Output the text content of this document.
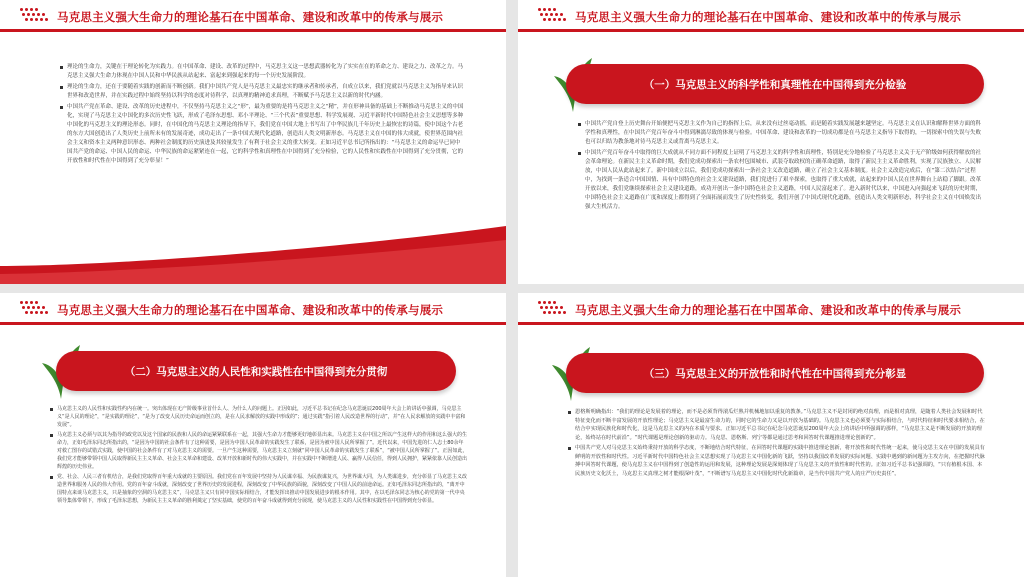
马克思主义强大生命力的理论基石在中国革命、建设和改革中的传承与展示

理论的生命力，关键在于理论转化为实践力。在中国革命、建设、改革的过程中，马克思主义这一思想武器转化为了实实在在的革命之力、建设之力、改革之力。马克思主义强大生命力体现在中国人民和中华民族从站起来、富起来到强起来的每一个历史发展阶段。

理论的生命力，还在于要随着实践的创新而不断创新。我们中国共产党人是马克思主义最忠实的继承者和传承者，自成立以来，我们党就以马克思主义为指导来认识世界和改造世界，并在实践过程中始终坚持以科学的态度对待科学，以真理的精神追求真理，不断赋予马克思主义以新的时代内涵。

中国共产党在革命、建设、改革的历史进程中，不仅坚持马克思主义之“形”，最为重要的是将马克思主义之“精”，并在形神具备的基础上不断推动马克思主义的中国化，实现了马克思主义中国化的多次历史性飞跃，形成了毛泽东思想、邓小平理论、“三个代表”重要思想、科学发展观、习近平新时代中国特色社会主义思想等多种中国化的马克思主义的理论形态。同时，在中国化的马克思主义理论的指导下，我们党在中国大地上书写出了中华民族几千年历史上最恢宏的诗篇，使中国这个古老的东方大国创造出了人类历史上前所未有的发展奇迹，成功走出了一条中国式现代化道路，创造出人类文明新形态。马克思主义在中国的伟大成就，使世界范围内社会主义和资本主义两种意识形态、两种社会制度的历史演进及其较量发生了有利于社会主义的重大转变。正如习近平总书记所指出的：“马克思主义的命运早已同中国共产党的命运、中国人民的命运、中华民族的命运紧紧连在一起，它的科学性和真理性在中国得到了充分检验，它的人民性和实践性在中国得到了充分贯彻，它的开放性和时代性在中国得到了充分彰显！”

马克思主义强大生命力的理论基石在中国革命、建设和改革中的传承与展示
（一）马克思主义的科学性和真理性在中国得到充分检验

中国共产党自登上历史舞台开始便把马克思主义作为自己的指挥上后，从来没有过丝毫动摇，而是随着实践发展越来越坚定。马克思主义在认识和解释世界方面的科学性和真理性，在中国共产党百年奋斗中得到淋漓尽致的体现与检验。中国革命、建设和改革的一切成功都是在马克思主义指导下取得的，一切探索中的失误与失败也可以归结为教条地对待马克思主义或背离马克思主义。

中国共产党百年奋斗中取得的巨大成就从不同方面不同程度上证明了马克思主义的科学性和真理性，特别是充分地检验了马克思主义关于无产阶级如何获得解放的社会革命理论。在新民主主义革命时期，我们党成功探索出一条农村包围城市、武装夺取政权的正确革命道路，取得了新民主主义革命胜利，实现了民族独立、人民解放，中国人民从此站起来了。新中国成立以后，我们党成功探索出一条社会主义改造道路，确立了社会主义基本制度。社会主义改造完成后，在“第二次结合”过程中，为找到一条适合中国国情、具有中国特色的社会主义建设道路，我们党进行了艰辛探索，也取得了重大成就，站起来的中国人民在世界舞台上站稳了脚跟。改革开放以来，我们党继续探索社会主义建设道路，成功开创出一条中国特色社会主义道路，中国人民富起来了。进入新时代以来，中国进入向强起来飞跃的历史时期，中国特色社会主义道路在广度和深度上都得到了全面拓展而发生了历史性转变，我们开创了中国式现代化道路，创造出人类文明新形态，科学社会主义在中国焕发出强大生机活力。

马克思主义强大生命力的理论基石在中国革命、建设和改革中的传承与展示
（二）马克思主义的人民性和实践性在中国得到充分贯彻

马克思主义的人民性和实践性约内在统一。突出体现在无产阶级事业首什么人、为什么人的问题上。正因如此，习近平总书记在纪念马克思诞辰200周年大会上的讲话中强调，马克思主义“是人民的理论”，“是实践的理论”，“是为了改变人民历史命运而创立的，是在人民求解放的实践中形成的”；通过实践“指引着人民改造世界的行动”，并“在人民求解放的实践中丰富和发展”。

马克思主义必须与以其为指导的政党以及这个国家的民族和人民的命运紧紧联系在一起，其强大生命力才能够更好地彰显出来。马克思主义在中国之所以产生这样大的作用和这么强大的生命力，正如毛泽东同志所指出的，“是因为中国的社会条件有了这种需要，是因为中国人民革命的实践发生了联系，是因为被中国人民所掌握了”。近代以来，中国先进的仁人志士80余年对救亡图存的试错式实践，使中国的社会条件有了对马克思主义的需要。一旦产生这种需要，马克思主义立刻就“同中国人民革命的实践发生了联系”，“被中国人民所掌握了”。正因如此，我们党才能够带领中国人民取得新民主主义革命、社会主义革命和建设、改革开放和新时代的伟大实践中，并在实践中不断增进人民、赢得人民信任，得到人民拥护，紧紧依靠人民创造出辉煌的历史伟业。

党、社会、人民三者有机结合，是我们党取得百年重大成就的主要原因。我们党在百年发展中坚持为人民谋幸福、为民族谋复兴，为世界谋大同，为人类谋进步，充分彰显了马克思主义改造世界和服务人民的伟大作用。党的百年奋斗成就，深刻改变了世界历史的发展进程，深刻改变了中华民族的面貌，深刻改变了中国人民的前途命运。正如毛泽东同志所指出的，“离开中国特点来谈马克思主义，只是抽象的空洞的马克思主义”，马克思主义只有同中国实际相结合，才能发挥出推动中国发展进步的根本作用。其中，在以毛泽东同志为核心的党的第一代中央领导集体带领下，形成了毛泽东思想，为新民主主义革命的胜利奠定了坚实基础，使党的百年奋斗成就得到充分展现，使马克思主义的人民性和实践性在中国得到充分彰显。

马克思主义强大生命力的理论基石在中国革命、建设和改革中的传承与展示
（三）马克思主义的开放性和时代性在中国得到充分彰显

恩格斯明确指出：“我们的理论是发展着的理论，而不是必须背得滚瓜烂熟并机械地加以重复的教条。”马克思主义不是封闭的绝对真理，而是相对真理，是随着人类社会发展和时代特征变化而不断丰富发展的开放性理论；马克思主义是最富生命力的，同时它的生命力又是以开放为基础的。马克思主义也必须要与实际相结合，与时代特征和时代要求相结合，在结合中实现民族化和时代化，这是马克思主义的内在本质与要求。正如习近平总书记在纪念马克思诞辰200周年大会上的讲话中所强调的那样，“马克思主义是不断发展的开放的理论，始终站在时代前沿”。“时代课题是理论创新的驱动力。马克思、恩格斯、列宁等都是通过思考和回答时代课题推进理论创新的”。

中国共产党人对马克思主义始终秉持开放的科学态度，不断地结合时代特征，在回答时代课题的实践中推进理论创新，将开放性和时代性统一起来，使马克思主义在中国的发展具有鲜明的开放性和时代性。习近平新时代中国特色社会主义思想实现了马克思主义中国化新的飞跃，坚持以我国改革发展的实际问题、实践中遇到的新问题为主攻方向，在把握时代脉搏中回答时代课题，使马克思主义在中国得到了创造性的运用和发展，这种理论发展是深刻体现了马克思主义的开放性和时代性的。正如习近平总书记强调的，“只有植根本国、本民族历史文化沃土，马克思主义真理之树才能根深叶茂”，“不断谱写马克思主义中国化时代化新篇章，是当代中国共产党人的庄严历史责任”。
